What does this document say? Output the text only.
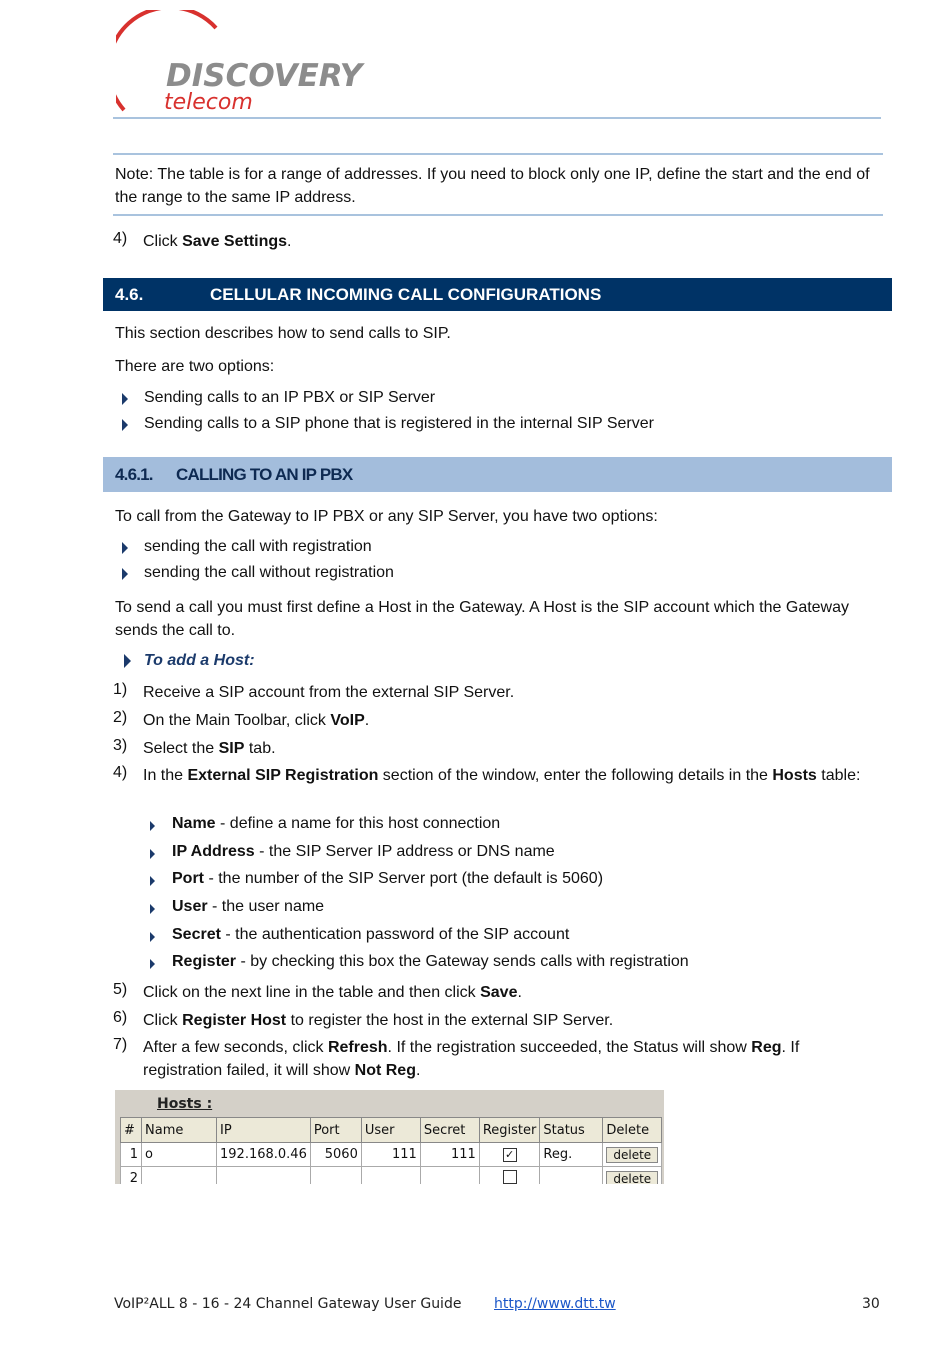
DISCOVERY
telecom
Note: The table is for a range of addresses. If you need to block only one IP, define the start and the end of the range to the same IP address.
4) Click Save Settings.
4.6.	CELLULAR INCOMING CALL CONFIGURATIONS
This section describes how to send calls to SIP.
There are two options:
Sending calls to an IP PBX or SIP Server
Sending calls to a SIP phone that is registered in the internal SIP Server
4.6.1. CALLING TO AN IP PBX
To call from the Gateway to IP PBX or any SIP Server, you have two options:
sending the call with registration
sending the call without registration
To send a call you must first define a Host in the Gateway. A Host is the SIP account which the Gateway sends the call to.
To add a Host:
1) Receive a SIP account from the external SIP Server.
2) On the Main Toolbar, click VoIP.
3) Select the SIP tab.
4) In the External SIP Registration section of the window, enter the following details in the Hosts table:
Name - define a name for this host connection
IP Address - the SIP Server IP address or DNS name
Port - the number of the SIP Server port (the default is 5060)
User - the user name
Secret - the authentication password of the SIP account
Register - by checking this box the Gateway sends calls with registration
5) Click on the next line in the table and then click Save.
6) Click Register Host to register the host in the external SIP Server.
7) After a few seconds, click Refresh. If the registration succeeded, the Status will show Reg. If registration failed, it will show Not Reg.
Hosts :
#	Name	IP	Port	User	Secret	Register	Status	Delete
1	o	192.168.0.46	5060	111	111	✓	Reg.	delete
2								delete
VoIP²ALL 8 - 16 - 24 Channel Gateway User Guide http://www.dtt.tw	30
